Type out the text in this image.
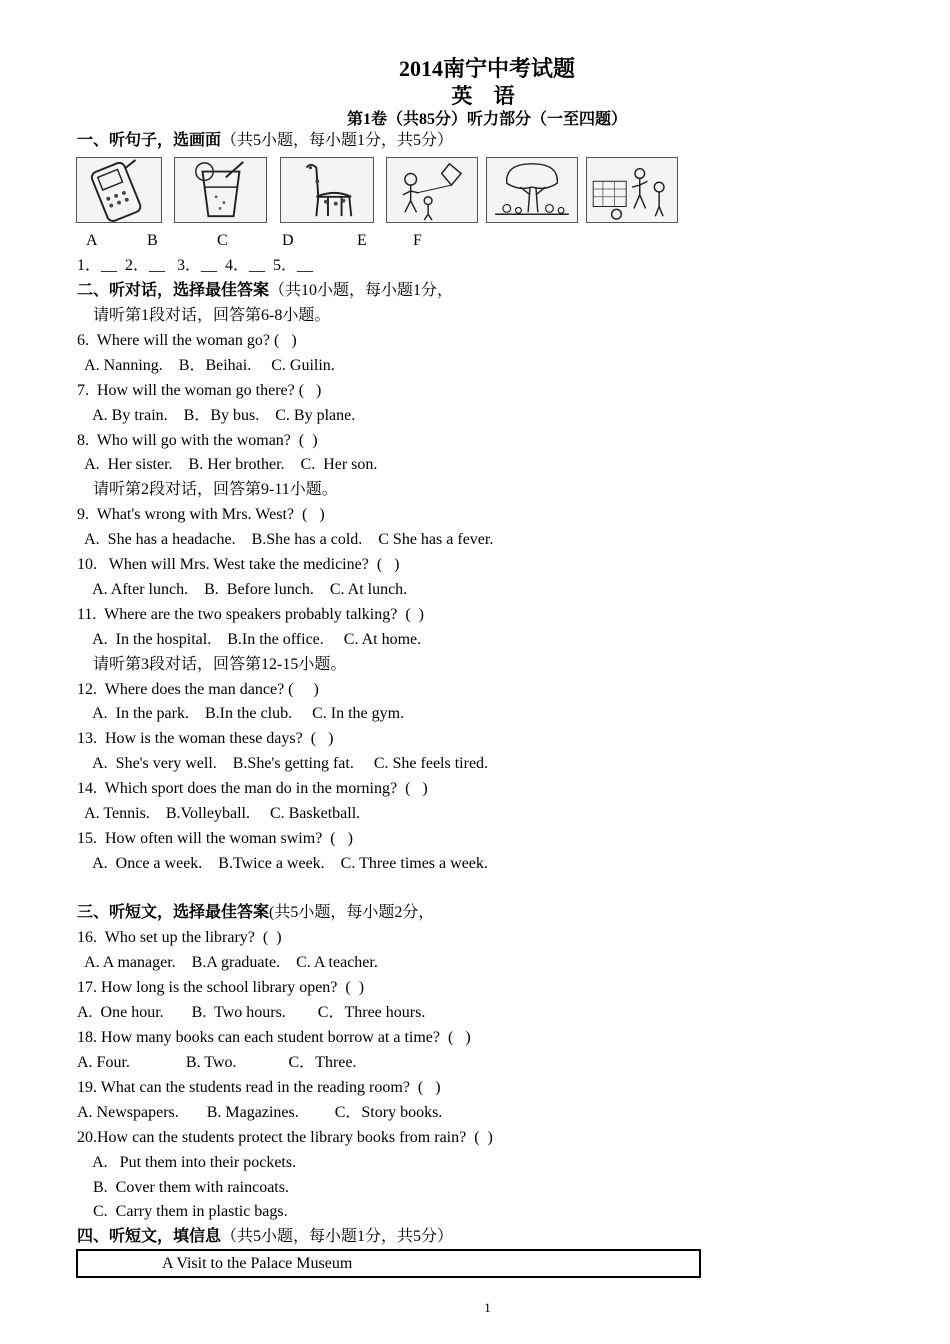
2014南宁中考试题
英 语
第1卷（共85分）听力部分（一至四题）
一、听句子，选画面（共5小题，每小题1分，共5分）
A	B	C	D	E	F
1．__  2．__   3．__  4．__  5．__
二、听对话，选择最佳答案（共10小题，每小题1分，
请听第1段对话，回答第6-8小题。
6.  Where will the woman go? (   )
A. Nanning.    B．Beihai.     C. Guilin.
7.  How will the woman go there? (   )
A. By train.    B．By bus.    C. By plane.
8.  Who will go with the woman?  (  )
A.  Her sister.    B. Her brother.    C.  Her son.
请听第2段对话，回答第9-11小题。
9.  What's wrong with Mrs. West?  (   )
A.  She has a headache.    B.She has a cold.    C She has a fever.
10.   When will Mrs. West take the medicine?  (   )
A. After lunch.    B.  Before lunch.    C. At lunch.
11.  Where are the two speakers probably talking?  (  )
A.  In the hospital.    B.In the office.     C. At home.
请听第3段对话，回答第12-15小题。
12.  Where does the man dance? (     )
A.  In the park.    B.In the club.     C. In the gym.
13.  How is the woman these days?  (   )
A.  She's very well.    B.She's getting fat.     C. She feels tired.
14.  Which sport does the man do in the morning?  (   )
A. Tennis.    B.Volleyball.     C. Basketball.
15.  How often will the woman swim?  (   )
A.  Once a week.    B.Twice a week.    C. Three times a week.
三、听短文，选择最佳答案(共5小题，每小题2分，
16.  Who set up the library?  (  )
A. A manager.    B.A graduate.    C. A teacher.
17. How long is the school library open?  (  )
A.  One hour.       B.  Two hours.        C．Three hours.
18. How many books can each student borrow at a time?  (   )
A. Four.              B. Two.             C．Three.
19. What can the students read in the reading room?  (   )
A. Newspapers.       B. Magazines.         C．Story books.
20.How can the students protect the library books from rain?  (  )
A.   Put them into their pockets.
B.  Cover them with raincoats.
C.  Carry them in plastic bags.
四、听短文，填信息（共5小题，每小题1分，共5分）
A Visit to the Palace Museum
1
